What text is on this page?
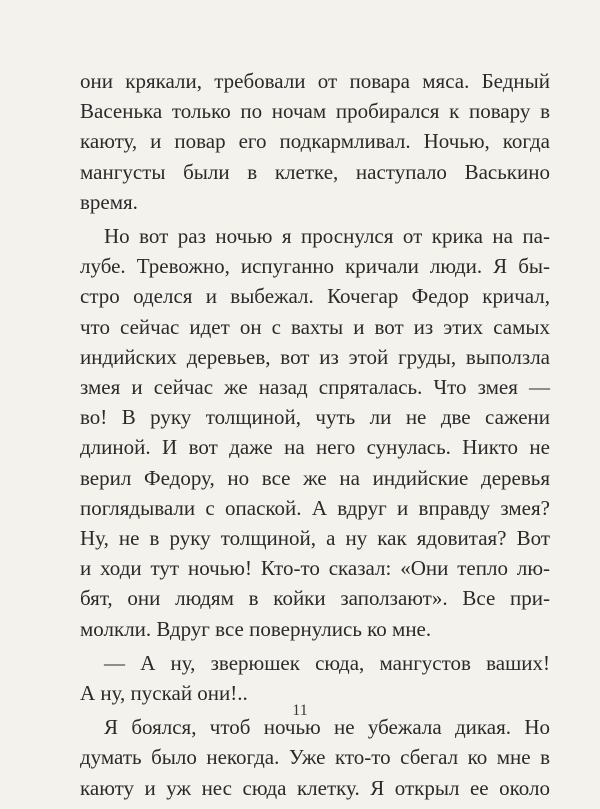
они крякали, требовали от повара мяса. Бедный
Васенька только по ночам пробирался к повару в
каюту, и повар его подкармливал. Ночью, когда
мангусты были в клетке, наступало Васькино
время.

Но вот раз ночью я проснулся от крика на па-
лубе. Тревожно, испуганно кричали люди. Я бы-
стро оделся и выбежал. Кочегар Федор кричал,
что сейчас идет он с вахты и вот из этих самых
индийских деревьев, вот из этой груды, выползла
змея и сейчас же назад спряталась. Что змея —
во! В руку толщиной, чуть ли не две сажени
длиной. И вот даже на него сунулась. Никто не
верил Федору, но все же на индийские деревья
поглядывали с опаской. А вдруг и вправду змея?
Ну, не в руку толщиной, а ну как ядовитая? Вот
и ходи тут ночью! Кто-то сказал: «Они тепло лю-
бят, они людям в койки заползают». Все при-
молкли. Вдруг все повернулись ко мне.

— А ну, зверюшек сюда, мангустов ваших!
А ну, пускай они!..

Я боялся, чтоб ночью не убежала дикая. Но
думать было некогда. Уже кто-то сбегал ко мне в
каюту и уж нес сюда клетку. Я открыл ее около

11
